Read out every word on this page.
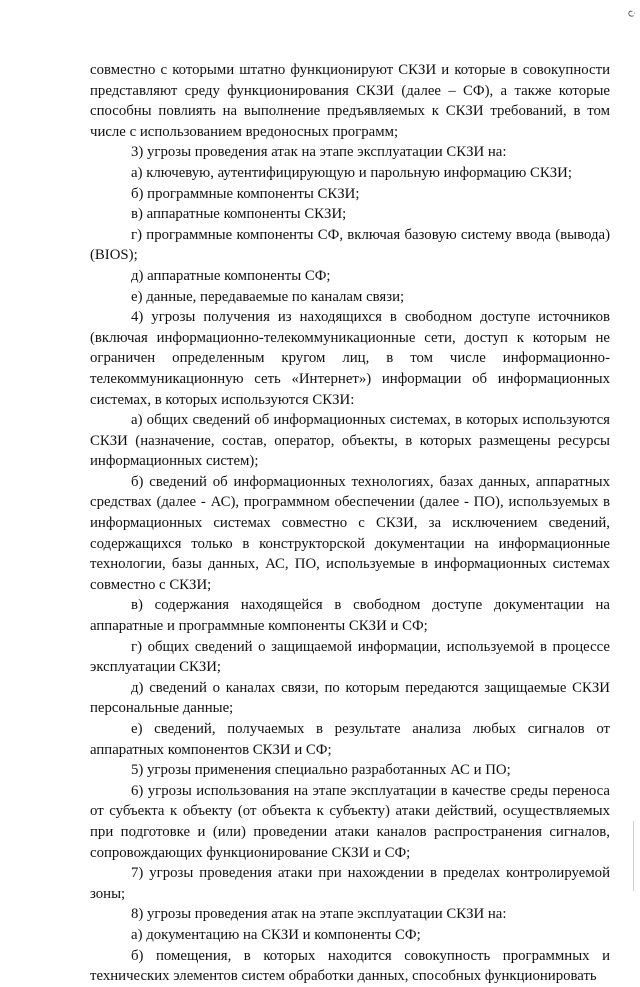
ن

совместно с которыми штатно функционируют СКЗИ и которые в совокупности представляют среду функционирования СКЗИ (далее – СФ), а также которые способны повлиять на выполнение предъявляемых к СКЗИ требований, в том числе с использованием вредоносных программ;

3) угрозы проведения атак на этапе эксплуатации СКЗИ на:

а) ключевую, аутентифицирующую и парольную информацию СКЗИ;

б) программные компоненты СКЗИ;

в) аппаратные компоненты СКЗИ;

г) программные компоненты СФ, включая базовую систему ввода (вывода) (BIOS);

д) аппаратные компоненты СФ;

е) данные, передаваемые по каналам связи;

4) угрозы получения из находящихся в свободном доступе источников (включая информационно-телекоммуникационные сети, доступ к которым не ограничен определенным кругом лиц, в том числе информационно-телекоммуникационную сеть «Интернет») информации об информационных системах, в которых используются СКЗИ:

а) общих сведений об информационных системах, в которых используются СКЗИ (назначение, состав, оператор, объекты, в которых размещены ресурсы информационных систем);

б) сведений об информационных технологиях, базах данных, аппаратных средствах (далее - АС), программном обеспечении (далее - ПО), используемых в информационных системах совместно с СКЗИ, за исключением сведений, содержащихся только в конструкторской документации на информационные технологии, базы данных, АС, ПО, используемые в информационных системах совместно с СКЗИ;

в) содержания находящейся в свободном доступе документации на аппаратные и программные компоненты СКЗИ и СФ;

г) общих сведений о защищаемой информации, используемой в процессе эксплуатации СКЗИ;

д) сведений о каналах связи, по которым передаются защищаемые СКЗИ персональные данные;

е) сведений, получаемых в результате анализа любых сигналов от аппаратных компонентов СКЗИ и СФ;

5) угрозы применения специально разработанных АС и ПО;

6) угрозы использования на этапе эксплуатации в качестве среды переноса от субъекта к объекту (от объекта к субъекту) атаки действий, осуществляемых при подготовке и (или) проведении атаки каналов распространения сигналов, сопровождающих функционирование СКЗИ и СФ;

7) угрозы проведения атаки при нахождении в пределах контролируемой зоны;

8) угрозы проведения атак на этапе эксплуатации СКЗИ на:

а) документацию на СКЗИ и компоненты СФ;

б) помещения, в которых находится совокупность программных и технических элементов систем обработки данных, способных функционировать
